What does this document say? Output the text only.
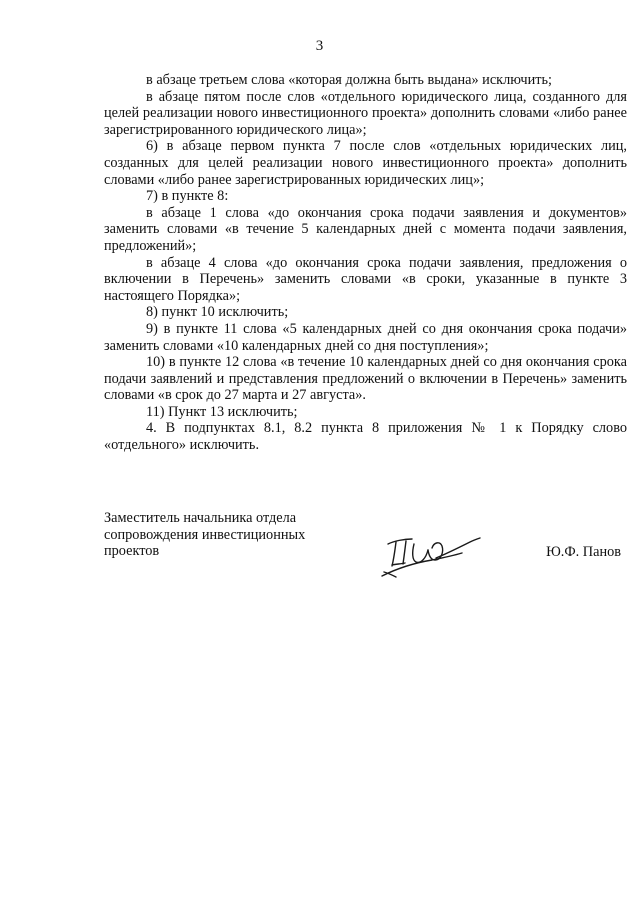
3

в абзаце третьем слова «которая должна быть выдана» исключить;

в абзаце пятом после слов «отдельного юридического лица, созданного для целей реализации нового инвестиционного проекта» дополнить словами «либо ранее зарегистрированного юридического лица»;

6) в абзаце первом пункта 7 после слов «отдельных юридических лиц, созданных для целей реализации нового инвестиционного проекта» дополнить словами «либо ранее зарегистрированных юридических лиц»;

7) в пункте 8:

в абзаце 1 слова «до окончания срока подачи заявления и документов» заменить словами «в течение 5 календарных дней с момента подачи заявления, предложений»;

в абзаце 4 слова «до окончания срока подачи заявления, предложения о включении в Перечень» заменить словами «в сроки, указанные в пункте 3 настоящего Порядка»;

8) пункт 10 исключить;

9) в пункте 11 слова «5 календарных дней со дня окончания срока подачи» заменить словами «10 календарных дней со дня поступления»;

10) в пункте 12 слова «в течение 10 календарных дней со дня окончания срока подачи заявлений и представления предложений о включении в Перечень» заменить словами «в срок до 27 марта и 27 августа».

11) Пункт 13 исключить;

4. В подпунктах 8.1, 8.2 пункта 8 приложения № 1 к Порядку слово «отдельного» исключить.

Заместитель начальника отдела
сопровождения инвестиционных
проектов	Ю.Ф. Панов
